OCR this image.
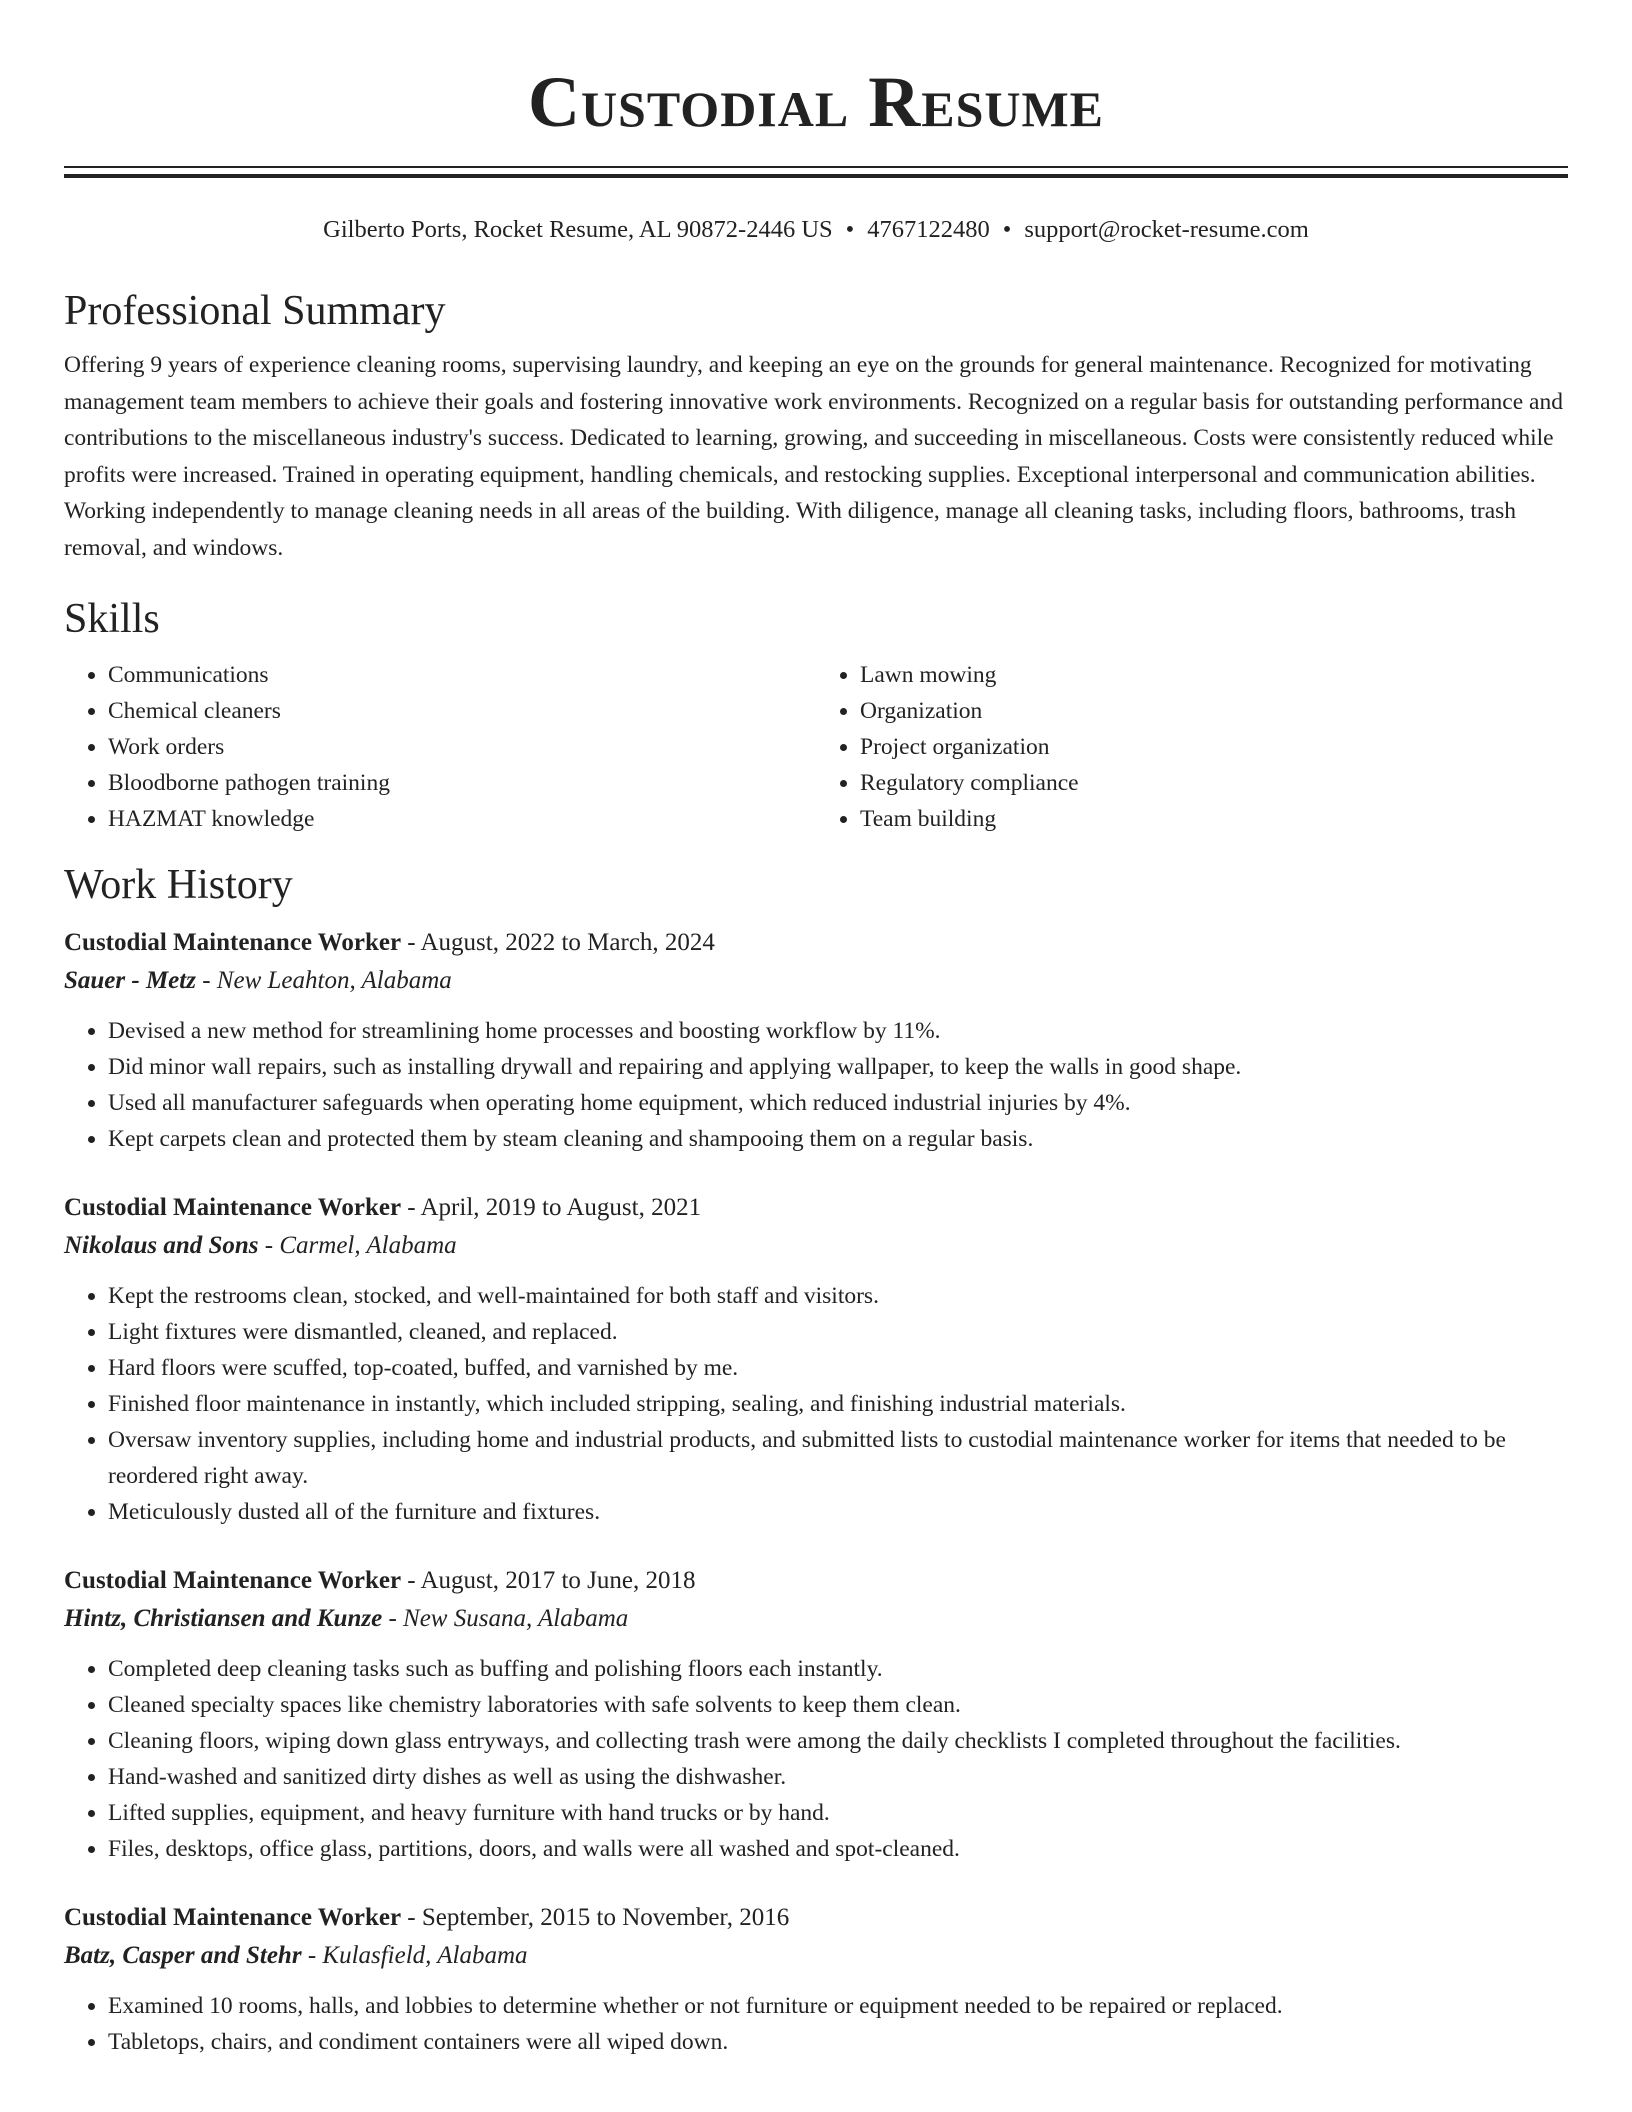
Custodial Resume
Gilberto Ports, Rocket Resume, AL 90872-2446 US • 4767122480 • support@rocket-resume.com
Professional Summary

Offering 9 years of experience cleaning rooms, supervising laundry, and keeping an eye on the grounds for general maintenance. Recognized for motivating management team members to achieve their goals and fostering innovative work environments. Recognized on a regular basis for outstanding performance and contributions to the miscellaneous industry's success. Dedicated to learning, growing, and succeeding in miscellaneous. Costs were consistently reduced while profits were increased. Trained in operating equipment, handling chemicals, and restocking supplies. Exceptional interpersonal and communication abilities. Working independently to manage cleaning needs in all areas of the building. With diligence, manage all cleaning tasks, including floors, bathrooms, trash removal, and windows.

Skills
• Communications
• Chemical cleaners
• Work orders
• Bloodborne pathogen training
• HAZMAT knowledge
• Lawn mowing
• Organization
• Project organization
• Regulatory compliance
• Team building
Work History
Custodial Maintenance Worker - August, 2022 to March, 2024
Sauer - Metz - New Leahton, Alabama
• Devised a new method for streamlining home processes and boosting workflow by 11%.
• Did minor wall repairs, such as installing drywall and repairing and applying wallpaper, to keep the walls in good shape.
• Used all manufacturer safeguards when operating home equipment, which reduced industrial injuries by 4%.
• Kept carpets clean and protected them by steam cleaning and shampooing them on a regular basis.
Custodial Maintenance Worker - April, 2019 to August, 2021
Nikolaus and Sons - Carmel, Alabama
• Kept the restrooms clean, stocked, and well-maintained for both staff and visitors.
• Light fixtures were dismantled, cleaned, and replaced.
• Hard floors were scuffed, top-coated, buffed, and varnished by me.
• Finished floor maintenance in instantly, which included stripping, sealing, and finishing industrial materials.
• Oversaw inventory supplies, including home and industrial products, and submitted lists to custodial maintenance worker for items that needed to be reordered right away.
• Meticulously dusted all of the furniture and fixtures.
Custodial Maintenance Worker - August, 2017 to June, 2018
Hintz, Christiansen and Kunze - New Susana, Alabama
• Completed deep cleaning tasks such as buffing and polishing floors each instantly.
• Cleaned specialty spaces like chemistry laboratories with safe solvents to keep them clean.
• Cleaning floors, wiping down glass entryways, and collecting trash were among the daily checklists I completed throughout the facilities.
• Hand-washed and sanitized dirty dishes as well as using the dishwasher.
• Lifted supplies, equipment, and heavy furniture with hand trucks or by hand.
• Files, desktops, office glass, partitions, doors, and walls were all washed and spot-cleaned.
Custodial Maintenance Worker - September, 2015 to November, 2016
Batz, Casper and Stehr - Kulasfield, Alabama
• Examined 10 rooms, halls, and lobbies to determine whether or not furniture or equipment needed to be repaired or replaced.
• Tabletops, chairs, and condiment containers were all wiped down.
